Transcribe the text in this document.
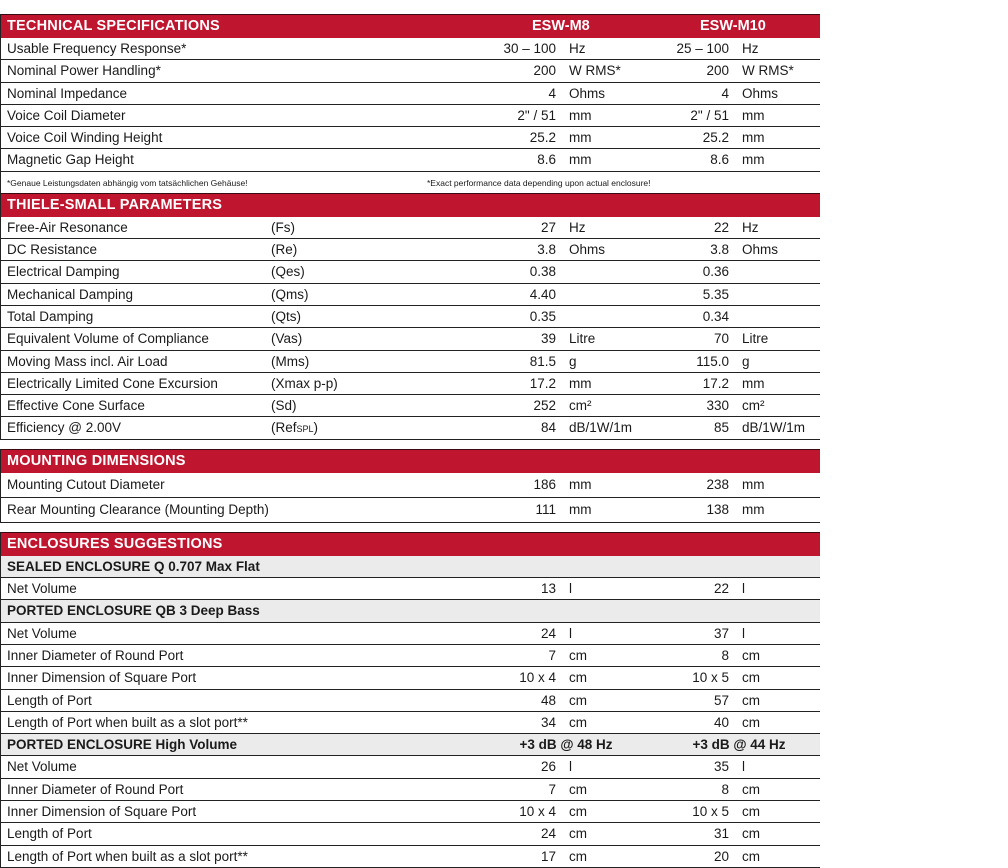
TECHNICAL SPECIFICATIONS	ESW-M8	ESW-M10
Usable Frequency Response*	30 – 100 Hz	25 – 100 Hz
Nominal Power Handling*	200 W RMS*	200 W RMS*
Nominal Impedance	4 Ohms	4 Ohms
Voice Coil Diameter	2" / 51 mm	2" / 51 mm
Voice Coil Winding Height	25.2 mm	25.2 mm
Magnetic Gap Height	8.6 mm	8.6 mm
*Genaue Leistungsdaten abhängig vom tatsächlichen Gehäuse!	*Exact performance data depending upon actual enclosure!
THIELE-SMALL PARAMETERS
Free-Air Resonance	(Fs)	27 Hz	22 Hz
DC Resistance	(Re)	3.8 Ohms	3.8 Ohms
Electrical Damping	(Qes)	0.38	0.36
Mechanical Damping	(Qms)	4.40	5.35
Total Damping	(Qts)	0.35	0.34
Equivalent Volume of Compliance	(Vas)	39 Litre	70 Litre
Moving Mass incl. Air Load	(Mms)	81.5 g	115.0 g
Electrically Limited Cone Excursion	(Xmax p-p)	17.2 mm	17.2 mm
Effective Cone Surface	(Sd)	252 cm²	330 cm²
Efficiency @ 2.00V	(RefSPL)	84 dB/1W/1m	85 dB/1W/1m
MOUNTING DIMENSIONS
Mounting Cutout Diameter	186 mm	238 mm
Rear Mounting Clearance (Mounting Depth)	111 mm	138 mm
ENCLOSURES SUGGESTIONS
SEALED ENCLOSURE Q 0.707 Max Flat
Net Volume	13 l	22 l
PORTED ENCLOSURE QB 3 Deep Bass
Net Volume	24 l	37 l
Inner Diameter of Round Port	7 cm	8 cm
Inner Dimension of Square Port	10 x 4 cm	10 x 5 cm
Length of Port	48 cm	57 cm
Length of Port when built as a slot port**	34 cm	40 cm
PORTED ENCLOSURE High Volume	+3 dB @ 48 Hz	+3 dB @ 44 Hz
Net Volume	26 l	35 l
Inner Diameter of Round Port	7 cm	8 cm
Inner Dimension of Square Port	10 x 4 cm	10 x 5 cm
Length of Port	24 cm	31 cm
Length of Port when built as a slot port**	17 cm	20 cm
